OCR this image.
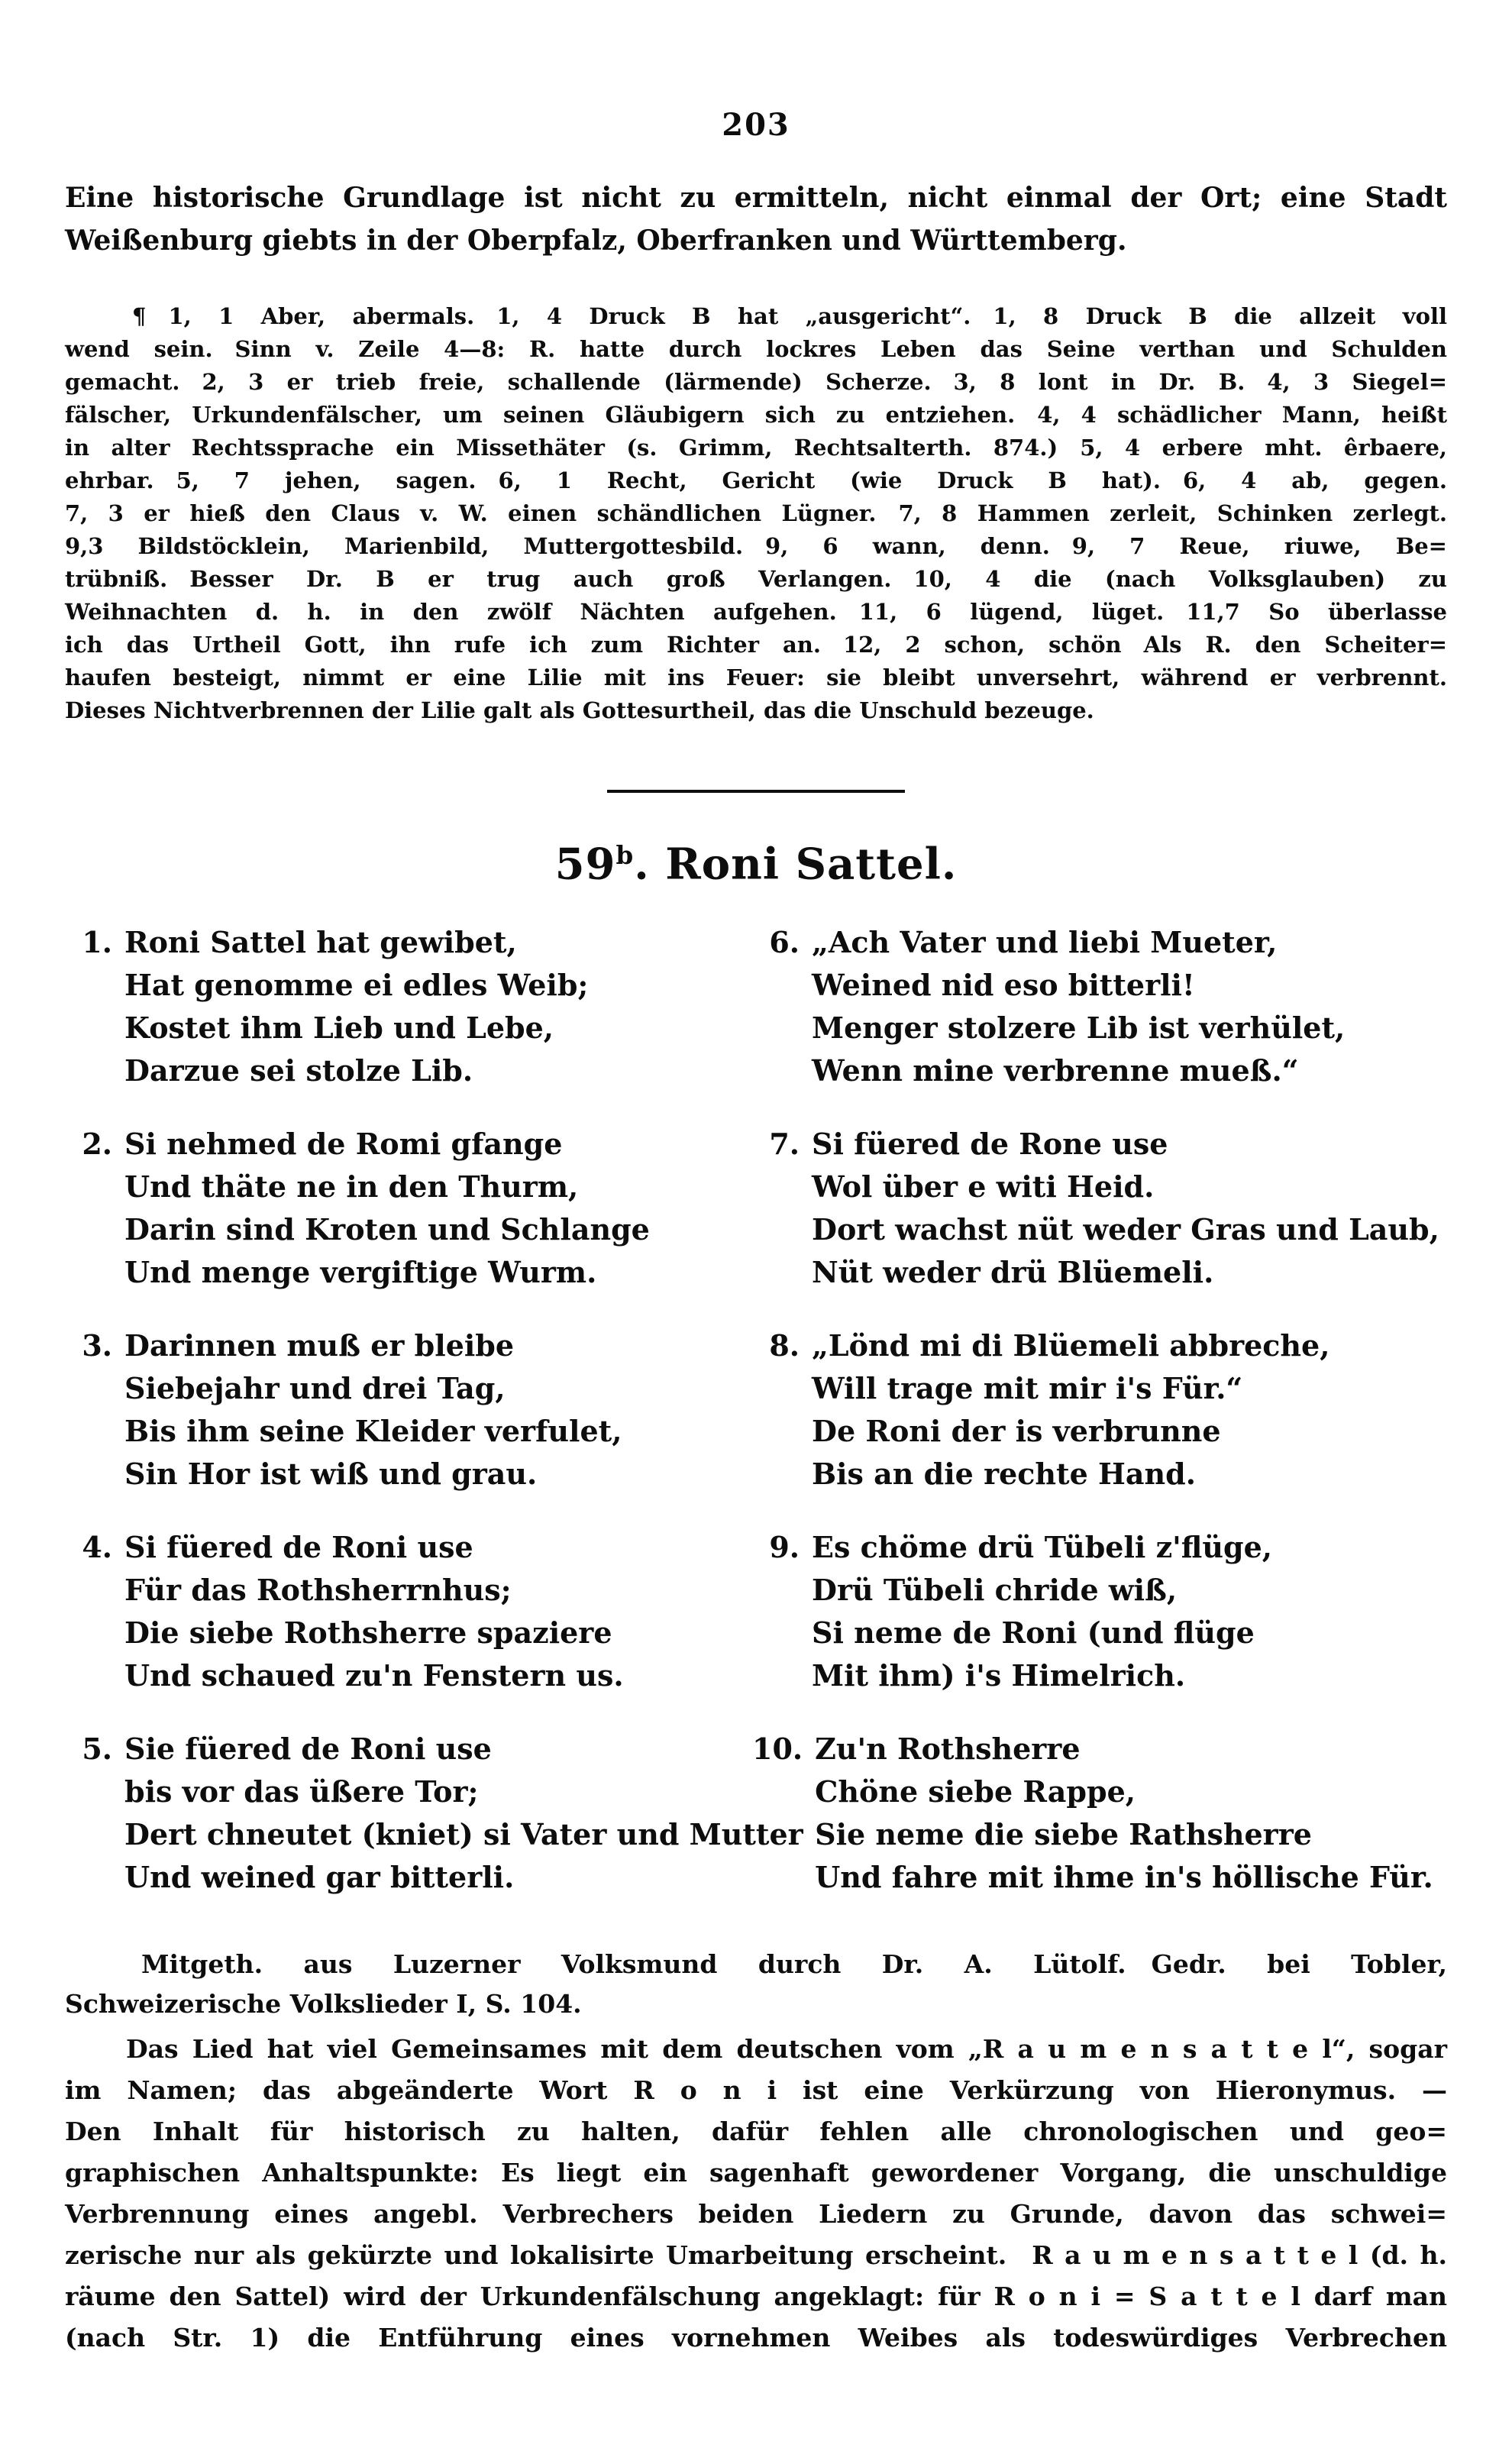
203
Eine historische Grundlage ist nicht zu ermitteln, nicht einmal der Ort; eine Stadt
Weißenburg giebts in der Oberpfalz, Oberfranken und Württemberg.
¶ 1, 1 Aber, abermals. 1, 4 Druck B hat „ausgericht“. 1, 8 Druck B die allzeit voll
wend sein. Sinn v. Zeile 4—8: R. hatte durch lockres Leben das Seine verthan und Schulden
gemacht. 2, 3 er trieb freie, schallende (lärmende) Scherze. 3, 8 lont in Dr. B. 4, 3 Siegel=
fälscher, Urkundenfälscher, um seinen Gläubigern sich zu entziehen. 4, 4 schädlicher Mann, heißt
in alter Rechtssprache ein Missethäter (s. Grimm, Rechtsalterth. 874.) 5, 4 erbere mht. êrbaere,
ehrbar. 5, 7 jehen, sagen. 6, 1 Recht, Gericht (wie Druck B hat). 6, 4 ab, gegen.
7, 3 er hieß den Claus v. W. einen schändlichen Lügner. 7, 8 Hammen zerleit, Schinken zerlegt.
9,3 Bildstöcklein, Marienbild, Muttergottesbild. 9, 6 wann, denn. 9, 7 Reue, riuwe, Be=
trübniß. Besser Dr. B er trug auch groß Verlangen. 10, 4 die (nach Volksglauben) zu
Weihnachten d. h. in den zwölf Nächten aufgehen. 11, 6 lügend, lüget. 11,7 So überlasse
ich das Urtheil Gott, ihn rufe ich zum Richter an. 12, 2 schon, schön Als R. den Scheiter=
haufen besteigt, nimmt er eine Lilie mit ins Feuer: sie bleibt unversehrt, während er verbrennt.
Dieses Nichtverbrennen der Lilie galt als Gottesurtheil, das die Unschuld bezeuge.
59$^b$. Roni Sattel.
1. Roni Sattel hat gewibet,
Hat genomme ei edles Weib;
Kostet ihm Lieb und Lebe,
Darzue sei stolze Lib.
2. Si nehmed de Romi gfange
Und thäte ne in den Thurm,
Darin sind Kroten und Schlange
Und menge vergiftige Wurm.
3. Darinnen muß er bleibe
Siebejahr und drei Tag,
Bis ihm seine Kleider verfulet,
Sin Hor ist wiß und grau.
4. Si füered de Roni use
Für das Rothsherrnhus;
Die siebe Rothsherre spaziere
Und schaued zu'n Fenstern us.
5. Sie füered de Roni use
bis vor das üßere Tor;
Dert chneutet (kniet) si Vater und Mutter
Und weined gar bitterli.
6. „Ach Vater und liebi Mueter,
Weined nid eso bitterli!
Menger stolzere Lib ist verhület,
Wenn mine verbrenne mueß.“
7. Si füered de Rone use
Wol über e witi Heid.
Dort wachst nüt weder Gras und Laub,
Nüt weder drü Blüemeli.
8. „Lönd mi di Blüemeli abbreche,
Will trage mit mir i's Für.“
De Roni der is verbrunne
Bis an die rechte Hand.
9. Es chöme drü Tübeli z'flüge,
Drü Tübeli chride wiß,
Si neme de Roni (und flüge
Mit ihm) i's Himelrich.
10. Zu'n Rothsherre
Chöne siebe Rappe,
Sie neme die siebe Rathsherre
Und fahre mit ihme in's höllische Für.
Mitgeth. aus Luzerner Volksmund durch Dr. A. Lütolf. Gedr. bei Tobler,
Schweizerische Volkslieder I, S. 104.
Das Lied hat viel Gemeinsames mit dem deutschen vom „R a u m e n s a t t e l“, sogar
im Namen; das abgeänderte Wort R o n i ist eine Verkürzung von Hieronymus. —
Den Inhalt für historisch zu halten, dafür fehlen alle chronologischen und geo=
graphischen Anhaltspunkte: Es liegt ein sagenhaft gewordener Vorgang, die unschuldige
Verbrennung eines angebl. Verbrechers beiden Liedern zu Grunde, davon das schwei=
zerische nur als gekürzte und lokalisirte Umarbeitung erscheint. R a u m e n s a t t e l (d. h.
räume den Sattel) wird der Urkundenfälschung angeklagt: für R o n i = S a t t e l darf man
(nach Str. 1) die Entführung eines vornehmen Weibes als todeswürdiges Verbrechen
